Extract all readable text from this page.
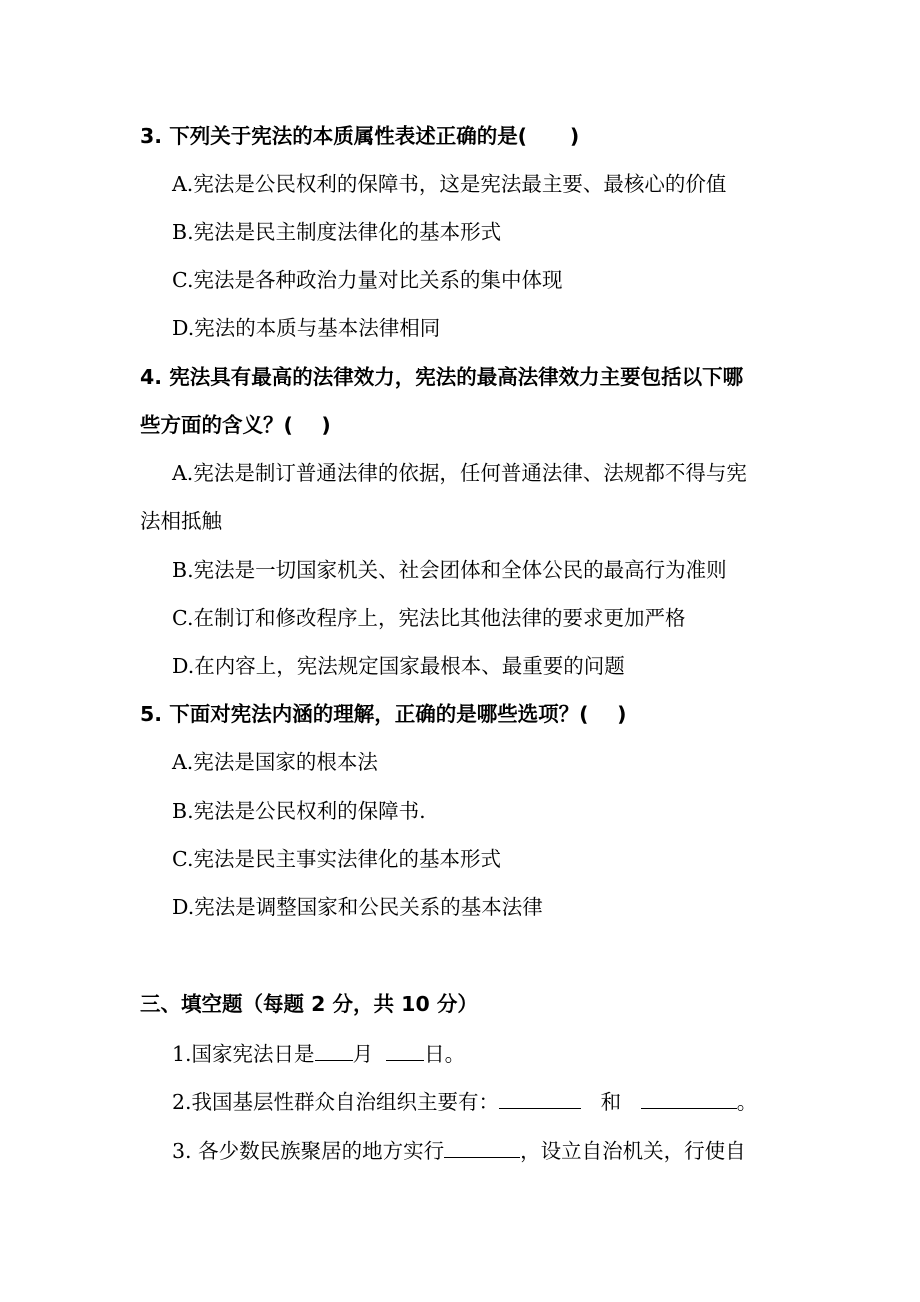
3. 下列关于宪法的本质属性表述正确的是(      )
A.宪法是公民权利的保障书，这是宪法最主要、最核心的价值
B.宪法是民主制度法律化的基本形式
C.宪法是各种政治力量对比关系的集中体现
D.宪法的本质与基本法律相同
4. 宪法具有最高的法律效力，宪法的最高法律效力主要包括以下哪
些方面的含义？(    )
A.宪法是制订普通法律的依据，任何普通法律、法规都不得与宪
法相抵触
B.宪法是一切国家机关、社会团体和全体公民的最高行为准则
C.在制订和修改程序上，宪法比其他法律的要求更加严格
D.在内容上，宪法规定国家最根本、最重要的问题
5. 下面对宪法内涵的理解，正确的是哪些选项？(    )
A.宪法是国家的根本法
B.宪法是公民权利的保障书.
C.宪法是民主事实法律化的基本形式
D.宪法是调整国家和公民关系的基本法律
三、填空题（每题 2 分，共 10 分）
1.国家宪法日是 月 日。
2.我国基层性群众自治组织主要有：	和	。
3. 各少数民族聚居的地方实行	，设立自治机关，行使自
